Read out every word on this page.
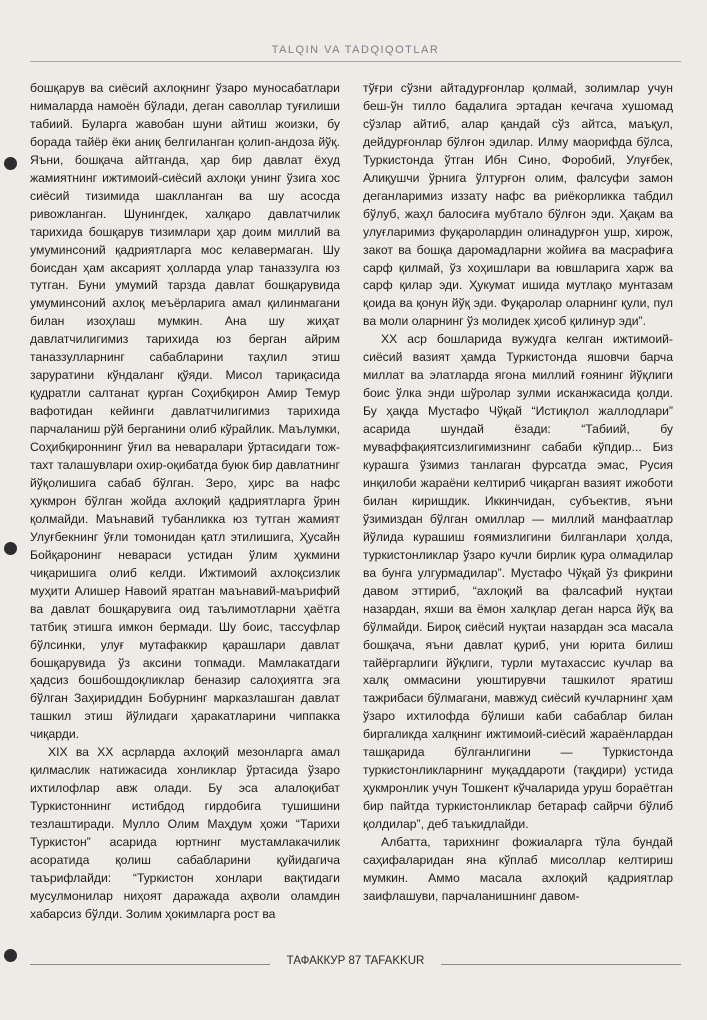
TALQIN VA TADQIQOTLAR

бошқарув ва сиёсий ахлоқнинг ўзаро муносабатлари нималарда намоён бўлади, деган саволлар туғилиши табиий. Буларга жавобан шуни айтиш жоизки, бу борада тайёр ёки аниқ белгиланган қолип-андоза йўқ. Яъни, бошқача айтганда, ҳар бир давлат ёхуд жамиятнинг ижтимоий-сиёсий ахлоқи унинг ўзига хос сиёсий тизимида шаклланган ва шу асосда ривожланган. Шунингдек, халқаро давлатчилик тарихида бошқарув тизимлари ҳар доим миллий ва умуминсоний қадриятларга мос келавермаган. Шу боисдан ҳам аксарият ҳолларда улар таназзулга юз тутган. Буни умумий тарзда давлат бошқарувида умуминсоний ахлоқ меъёрларига амал қилинмагани билан изоҳлаш мумкин. Ана шу жиҳат давлатчилигимиз тарихида юз берган айрим таназзулларнинг сабабларини таҳлил этиш заруратини кўндаланг қўяди. Мисол тариқасида қудратли салтанат қурган Соҳибқирон Амир Темур вафотидан кейинги давлатчилигимиз тарихида парчаланиш рўй берганини олиб кўрайлик. Маълумки, Соҳибқироннинг ўғил ва неваралари ўртасидаги тож-тахт талашувлари охир-оқибатда буюк бир давлатнинг йўқолишига сабаб бўлган. Зеро, ҳирс ва нафс ҳукмрон бўлган жойда ахлоқий қадриятларга ўрин қолмайди. Маънавий тубанликка юз тутган жамият Улуғбекнинг ўғли томонидан қатл этилишига, Ҳусайн Бойқаронинг невараси устидан ўлим ҳукмини чиқаришига олиб келди. Ижтимоий ахлоқсизлик муҳити Алишер Навоий яратган маънавий-маърифий ва давлат бошқарувига оид таълимотларни ҳаётга татбиқ этишга имкон бермади. Шу боис, тассуфлар бўлсинки, улуғ мутафаккир қарашлари давлат бошқарувида ўз аксини топмади. Мамлакатдаги ҳадсиз бошбошдоқликлар беназир салоҳиятга эга бўлган Заҳириддин Бобурнинг марказлашган давлат ташкил этиш йўлидаги ҳаракатларини чиппакка чиқарди.

XIX ва XX асрларда ахлоқий мезонларга амал қилмаслик натижасида хонликлар ўртасида ўзаро ихтилофлар авж олади. Бу эса алалоқибат Туркистоннинг истибдод гирдобига тушишини тезлаштиради. Мулло Олим Маҳдум ҳожи “Тарихи Туркистон” асарида юртнинг мустамлакачилик асоратида қолиш сабабларини қуйидагича таърифлайди: “Туркистон хонлари вақтидаги мусулмонилар ниҳоят даражада аҳволи оламдин хабарсиз бўлди. Золим ҳокимларга рост ва

тўғри сўзни айтадурғонлар қолмай, золимлар учун беш-ўн тилло бадалига эртадан кечгача хушомад сўзлар айтиб, алар қандай сўз айтса, маъқул, дейдурғонлар бўлғон эдилар. Илму маорифда бўлса, Туркистонда ўтган Ибн Сино, Форобий, Улуғбек, Алиқушчи ўрнига ўлтурғон олим, фалсуфи замон деганларимиз иззату нафс ва риёкорликка табдил бўлуб, жаҳл балосиға мубтало бўлғон эди. Ҳақам ва улуғларимиз фуқаролардин олинадурғон ушр, хирож, закот ва бошқа даромадларни жойиға ва масрафиға сарф қилмай, ўз хоҳишлари ва ювшларига харж ва сарф қилар эди. Ҳукумат ишида мутлақо мунтазам қоида ва қонун йўқ эди. Фуқаролар оларнинг қули, пул ва моли оларнинг ўз молидек ҳисоб қилинур эди”.

XX аср бошларида вужудга келган ижтимоий-сиёсий вазият ҳамда Туркистонда яшовчи барча миллат ва элатларда ягона миллий ғоянинг йўқлиги боис ўлка энди шўролар зулми исканжасида қолди. Бу ҳақда Мустафо Чўқай “Истиқлол жаллодлари” асарида шундай ёзади: “Табиий, бу мувaффақиятсизлигимизнинг сабаби кўпдир... Биз курашга ўзимиз танлаган фурсатда эмас, Русия инқилоби жараёни келтириб чиқарган вазият ижоботи билан киришдик. Иккинчидан, субъектив, яъни ўзимиздан бўлган омиллар — миллий манфаатлар йўлида курашиш ғоямизлигини билганлари ҳолда, туркистонликлар ўзаро кучли бирлик қура олмадилар ва бунга улгурмадилар”. Мустафо Чўқай ўз фикрини давом эттириб, “ахлоқий ва фалсафий нуқтаи назардан, яхши ва ёмон халқлар деган нарса йўқ ва бўлмайди. Бироқ сиёсий нуқтаи назардан эса масала бошқача, яъни давлат қуриб, уни юрита билиш тайёргарлиги йўқлиги, турли мутахассис кучлар ва халқ оммасини уюштирувчи ташкилот яратиш тажрибаси бўлмагани, мавжуд сиёсий кучларнинг ҳам ўзаро ихтилофда бўлиши каби сабаблар билан биргаликда халқнинг ижтимоий-сиёсий жараёнлардан ташқарида бўлганлигини — Туркистонда туркистонликларнинг муқаддароти (тақдири) устида ҳукмронлик учун Тошкент кўчаларида уруш бораётган бир пайтда туркистонликлар бетараф сайрчи бўлиб қолдилар”, деб таъкидлайди.

Албатта, тарихнинг фожиаларга тўла бундай саҳифаларидан яна кўплаб мисоллар келтириш мумкин. Аммо масала ахлоқий қадриятлар заифлашуви, парчаланишнинг давом-

ТАФАККУР 87 TAFAKKUR
